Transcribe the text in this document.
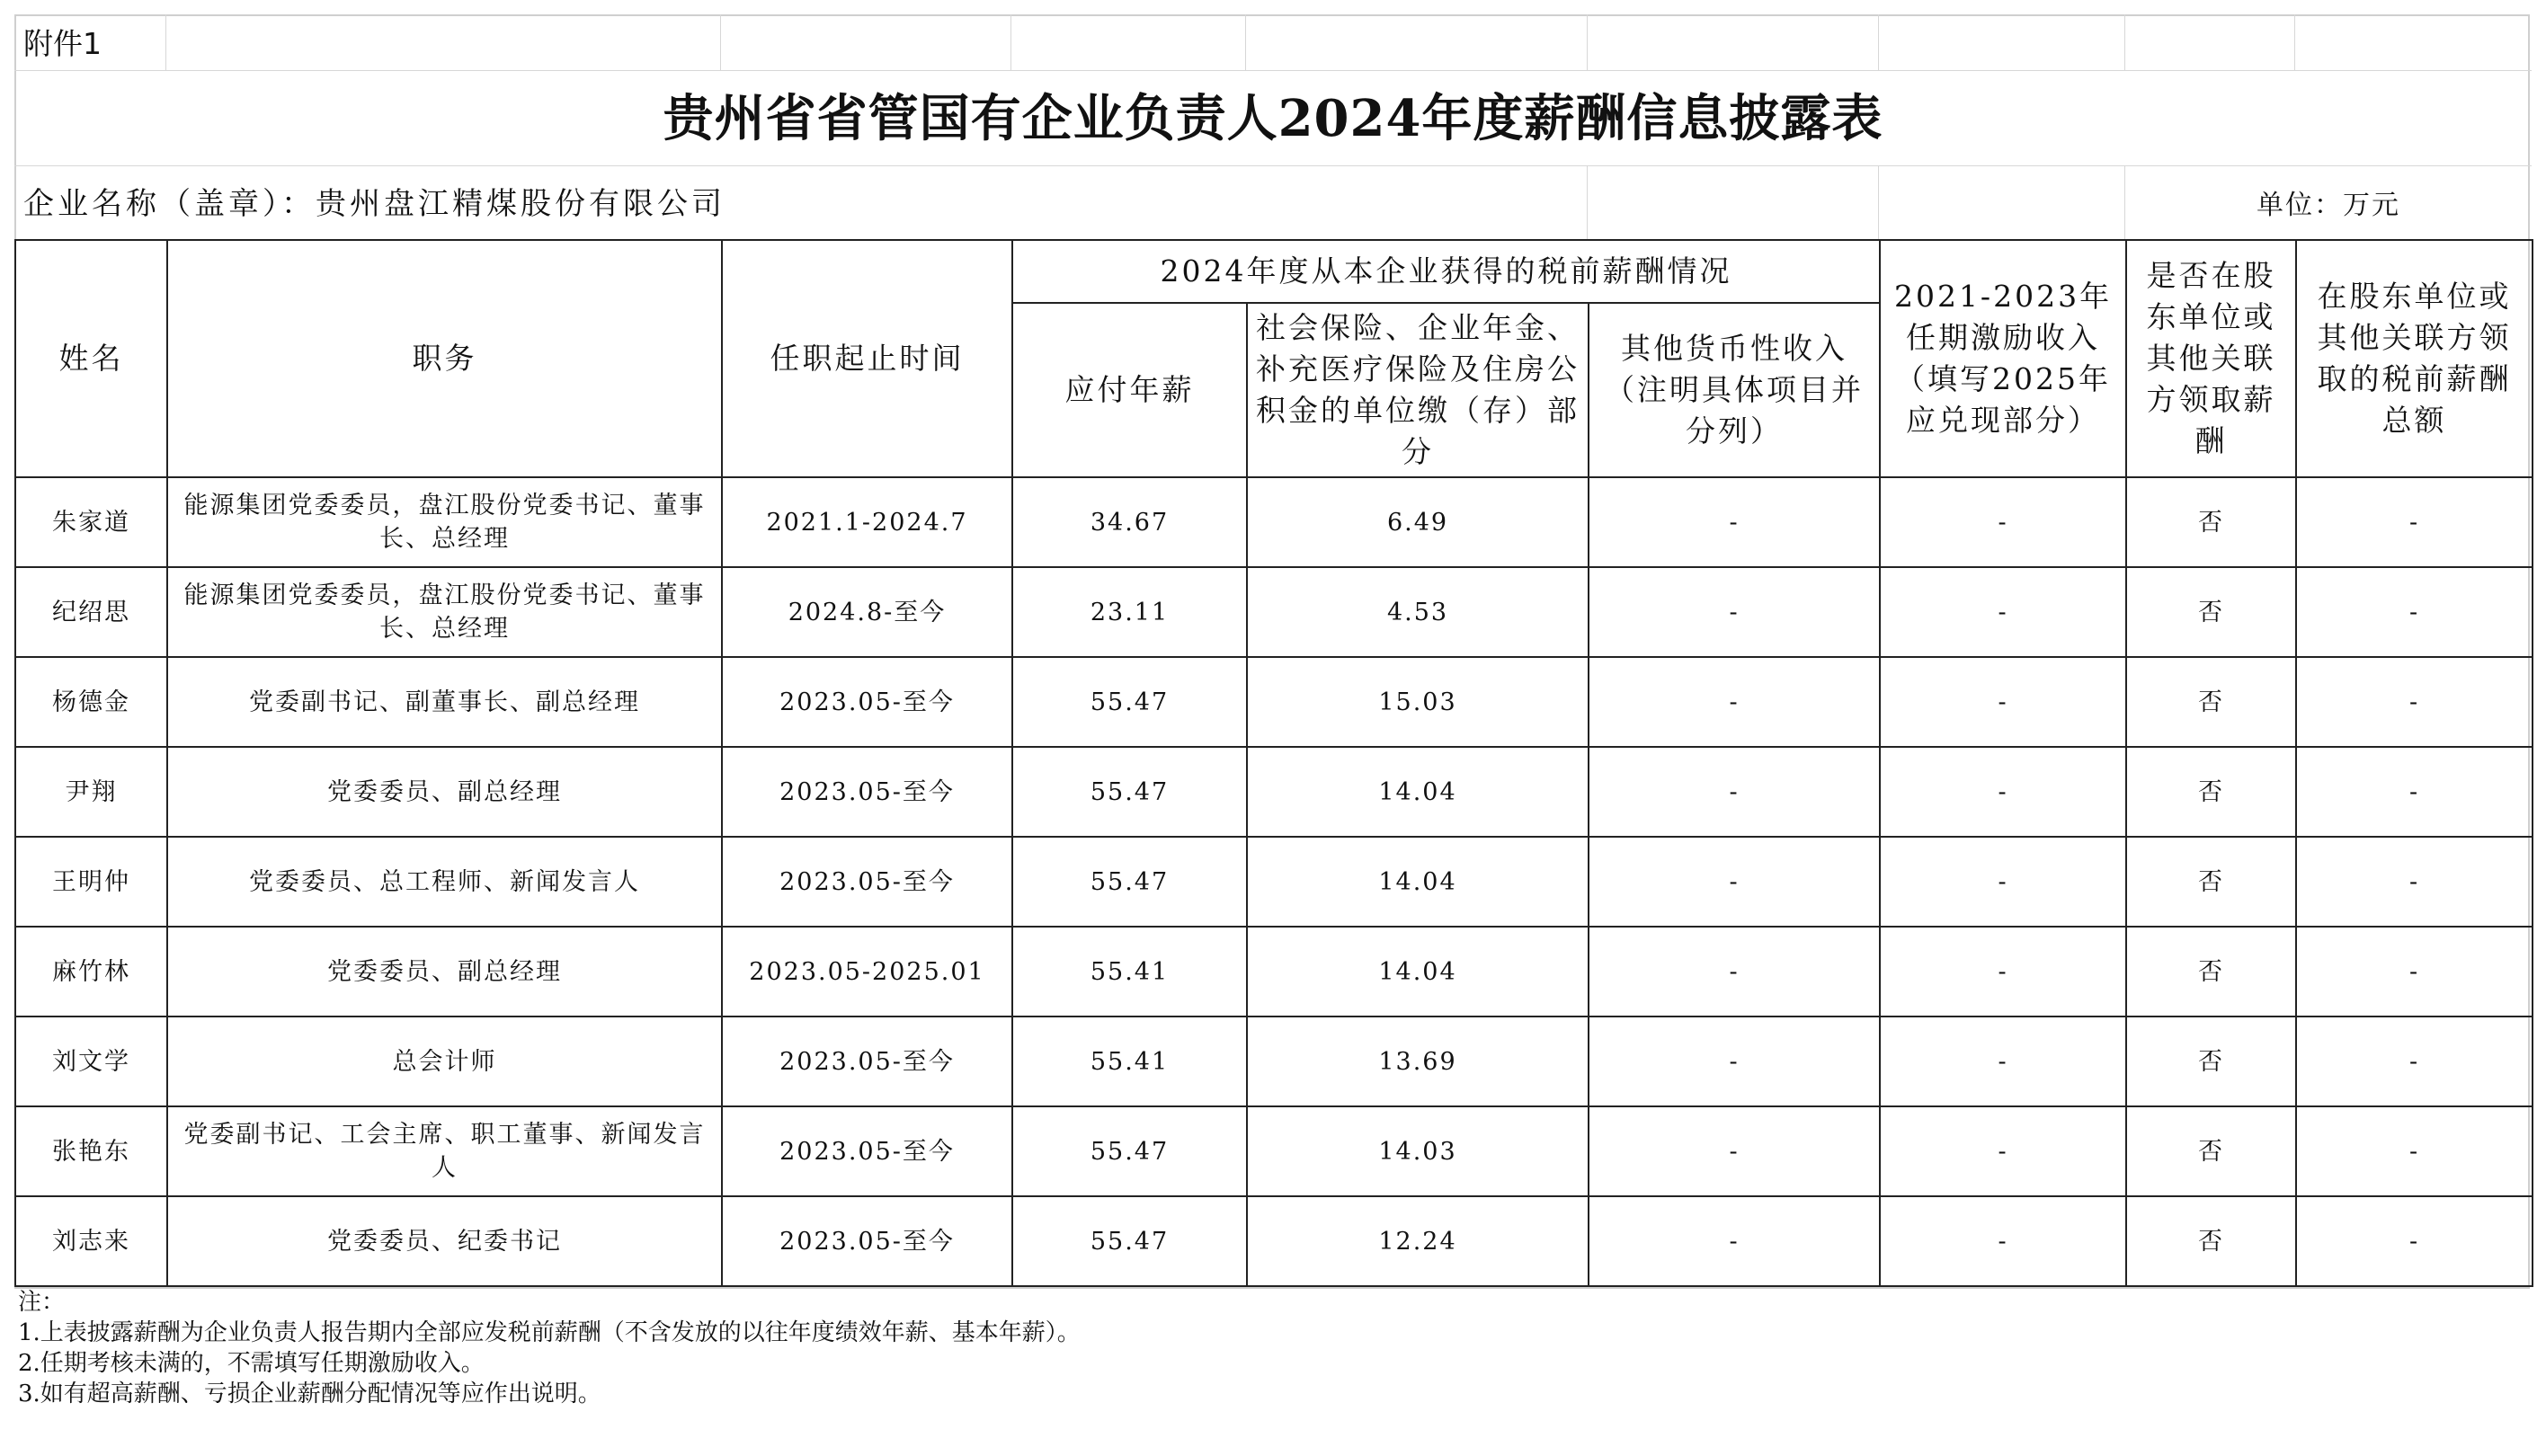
附件1
贵州省省管国有企业负责人2024年度薪酬信息披露表
企业名称（盖章）：贵州盘江精煤股份有限公司	单位：万元
姓名	职务	任职起止时间	2024年度从本企业获得的税前薪酬情况			2021-2023年任期激励收入（填写2025年应兑现部分）	是否在股东单位或其他关联方领取薪酬	在股东单位或其他关联方领取的税前薪酬总额
			应付年薪	社会保险、企业年金、补充医疗保险及住房公积金的单位缴（存）部分	其他货币性收入（注明具体项目并分列）			
朱家道	能源集团党委委员，盘江股份党委书记、董事长、总经理	2021.1-2024.7	34.67	6.49	-	-	否	-
纪绍思	能源集团党委委员，盘江股份党委书记、董事长、总经理	2024.8-至今	23.11	4.53	-	-	否	-
杨德金	党委副书记、副董事长、副总经理	2023.05-至今	55.47	15.03	-	-	否	-
尹翔	党委委员、副总经理	2023.05-至今	55.47	14.04	-	-	否	-
王明仲	党委委员、总工程师、新闻发言人	2023.05-至今	55.47	14.04	-	-	否	-
麻竹林	党委委员、副总经理	2023.05-2025.01	55.41	14.04	-	-	否	-
刘文学	总会计师	2023.05-至今	55.41	13.69	-	-	否	-
张艳东	党委副书记、工会主席、职工董事、新闻发言人	2023.05-至今	55.47	14.03	-	-	否	-
刘志来	党委委员、纪委书记	2023.05-至今	55.47	12.24	-	-	否	-
注：
1.上表披露薪酬为企业负责人报告期内全部应发税前薪酬（不含发放的以往年度绩效年薪、基本年薪）。
2.任期考核未满的，不需填写任期激励收入。
3.如有超高薪酬、亏损企业薪酬分配情况等应作出说明。
